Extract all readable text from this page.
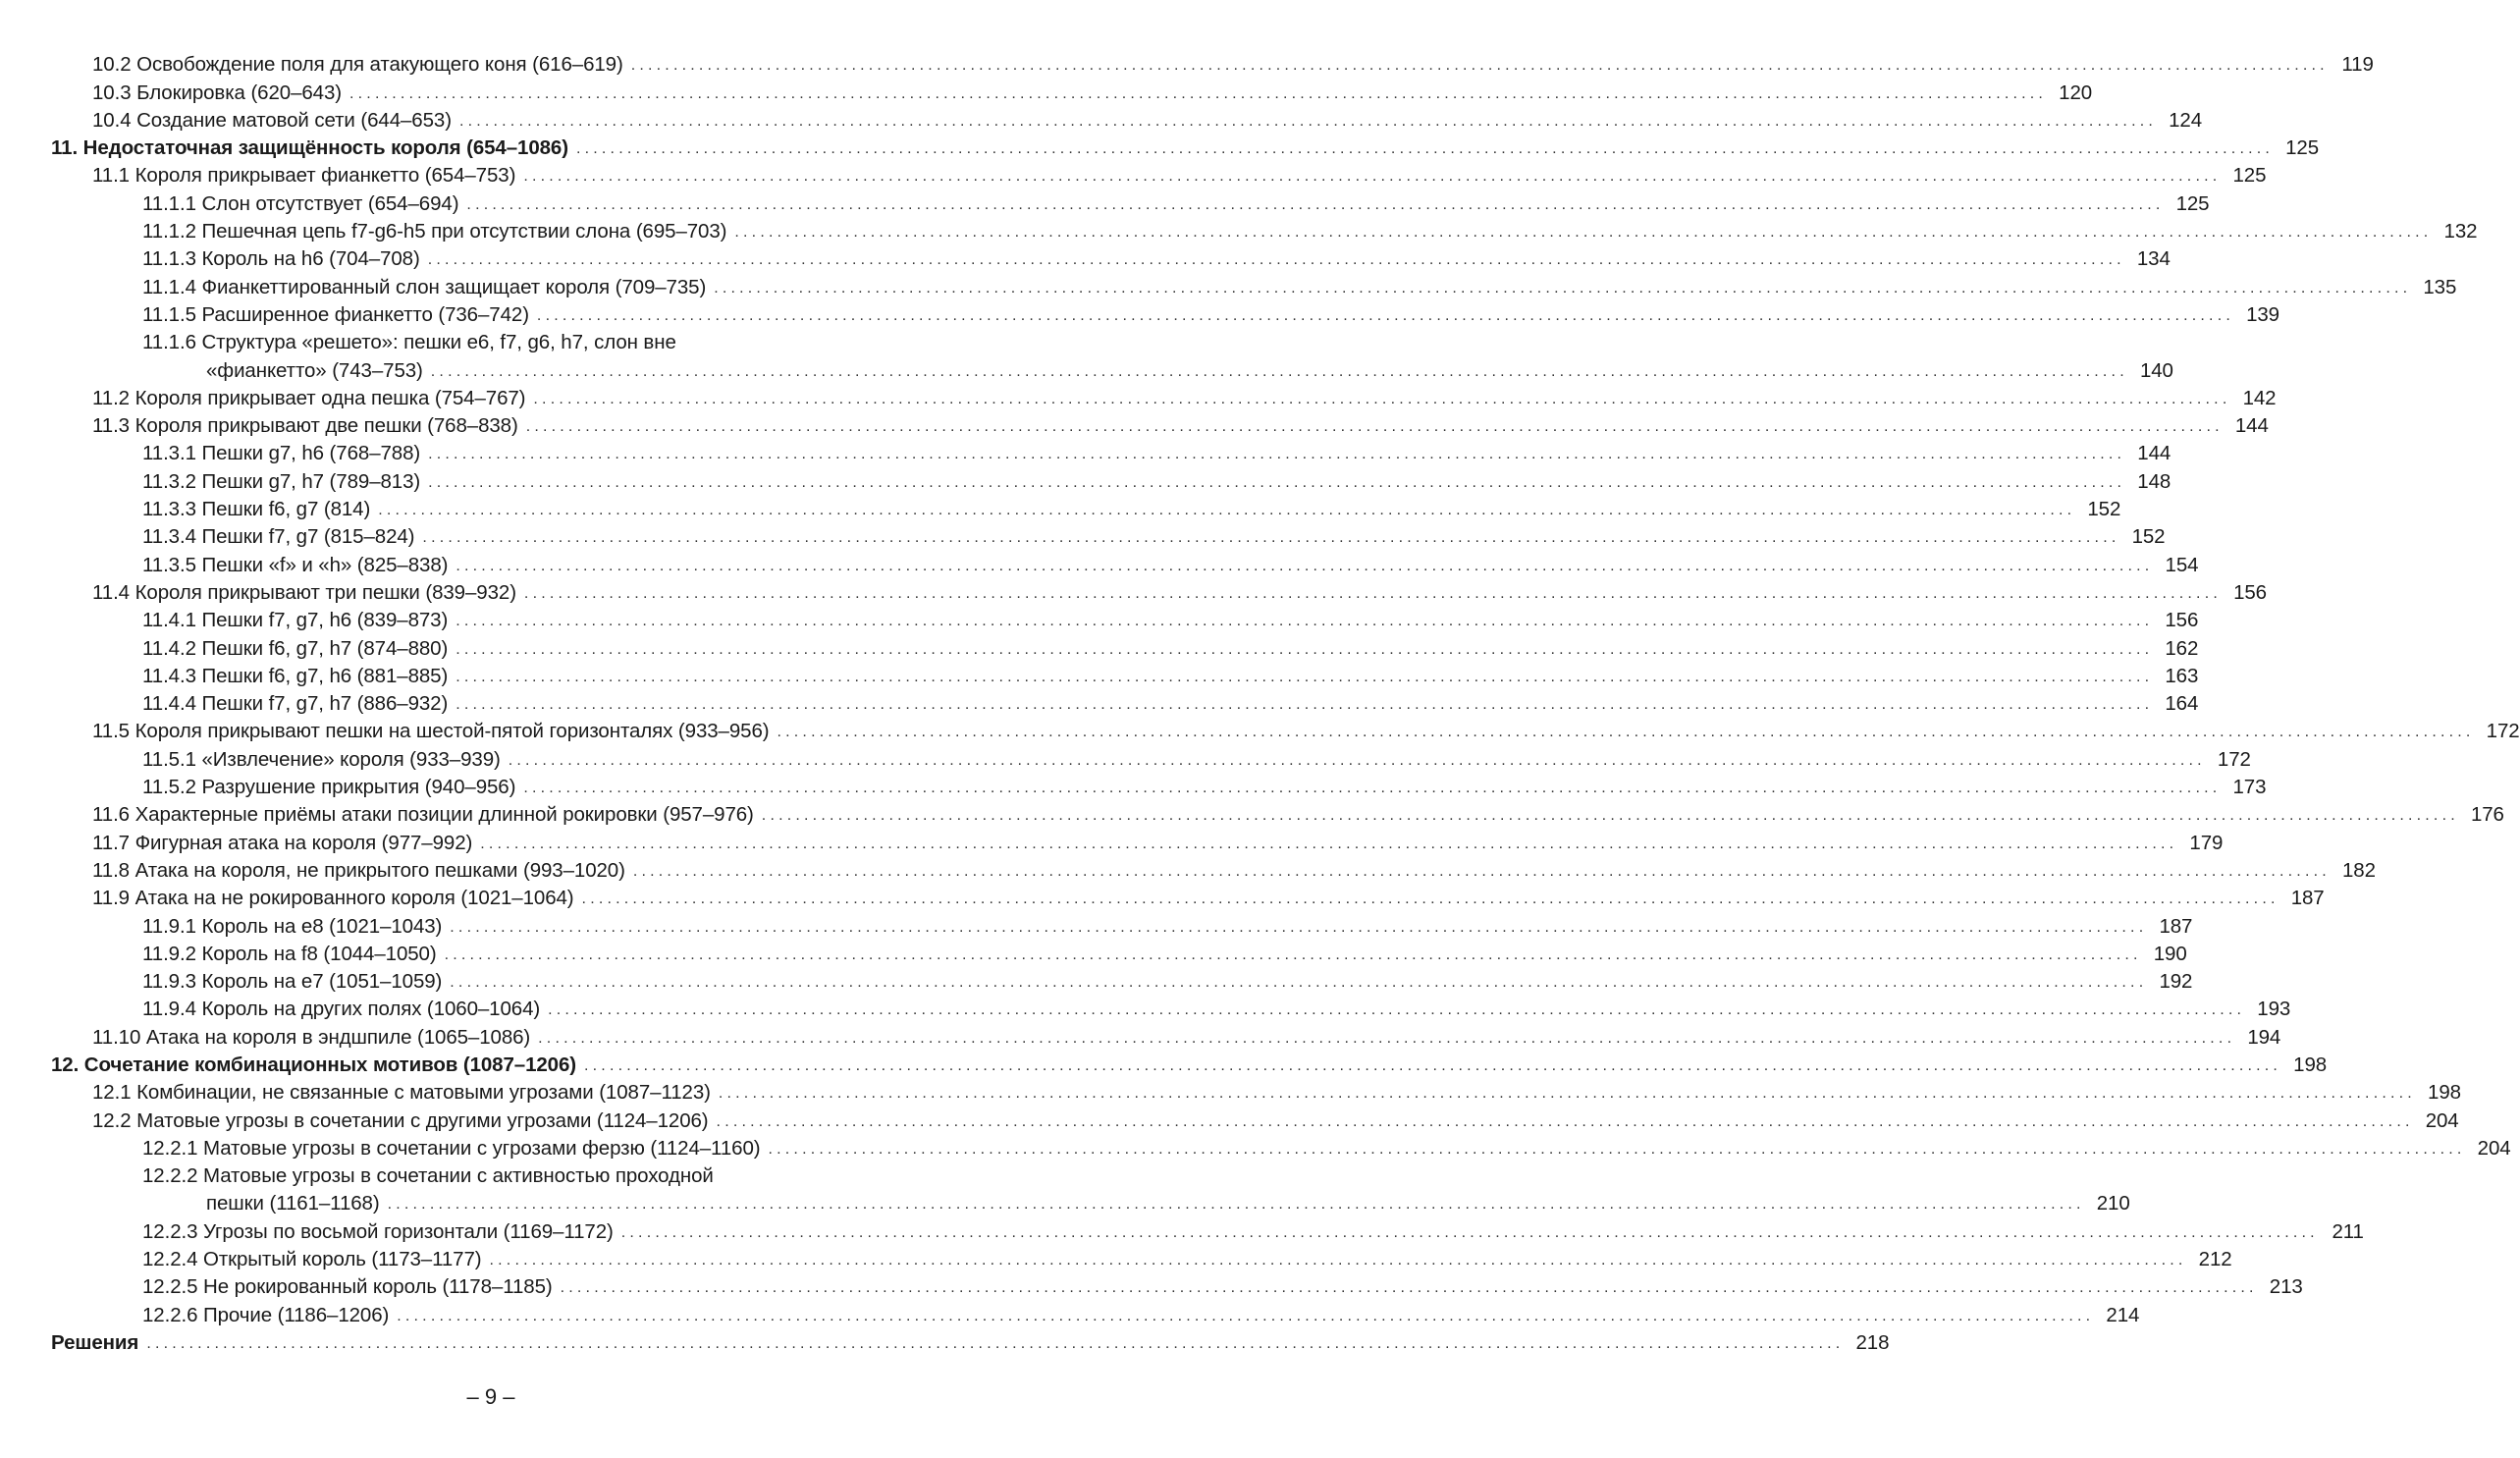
10.2 Освобождение поля для атакующего коня (616–619) ........................................................................................................................................................................................................ 119
10.3 Блокировка (620–643) ........................................................................................................................................................................................................ 120
10.4 Создание матовой сети (644–653) ........................................................................................................................................................................................................ 124
11. Недостаточная защищённость короля (654–1086) ........................................................................................................................................................................................................ 125
11.1 Короля прикрывает фианкетто (654–753) ........................................................................................................................................................................................................ 125
11.1.1 Слон отсутствует (654–694) ........................................................................................................................................................................................................ 125
11.1.2 Пешечная цепь f7-g6-h5 при отсутствии слона (695–703) ........................................................................................................................................................................................................ 132
11.1.3 Король на h6 (704–708) ........................................................................................................................................................................................................ 134
11.1.4 Фианкеттированный слон защищает короля (709–735) ........................................................................................................................................................................................................ 135
11.1.5 Расширенное фианкетто (736–742) ........................................................................................................................................................................................................ 139
11.1.6 Структура «решето»: пешки e6, f7, g6, h7, слон вне
«фианкетто» (743–753) ........................................................................................................................................................................................................ 140
11.2 Короля прикрывает одна пешка (754–767) ........................................................................................................................................................................................................ 142
11.3 Короля прикрывают две пешки (768–838) ........................................................................................................................................................................................................ 144
11.3.1 Пешки g7, h6 (768–788) ........................................................................................................................................................................................................ 144
11.3.2 Пешки g7, h7 (789–813) ........................................................................................................................................................................................................ 148
11.3.3 Пешки f6, g7 (814) ........................................................................................................................................................................................................ 152
11.3.4 Пешки f7, g7 (815–824) ........................................................................................................................................................................................................ 152
11.3.5 Пешки «f» и «h» (825–838) ........................................................................................................................................................................................................ 154
11.4 Короля прикрывают три пешки (839–932) ........................................................................................................................................................................................................ 156
11.4.1 Пешки f7, g7, h6 (839–873) ........................................................................................................................................................................................................ 156
11.4.2 Пешки f6, g7, h7 (874–880) ........................................................................................................................................................................................................ 162
11.4.3 Пешки f6, g7, h6 (881–885) ........................................................................................................................................................................................................ 163
11.4.4 Пешки f7, g7, h7 (886–932) ........................................................................................................................................................................................................ 164
11.5 Короля прикрывают пешки на шестой-пятой горизонталях (933–956) ........................................................................................................................................................................................................ 172
11.5.1 «Извлечение» короля (933–939) ........................................................................................................................................................................................................ 172
11.5.2 Разрушение прикрытия (940–956) ........................................................................................................................................................................................................ 173
11.6 Характерные приёмы атаки позиции длинной рокировки (957–976) ........................................................................................................................................................................................................ 176
11.7 Фигурная атака на короля (977–992) ........................................................................................................................................................................................................ 179
11.8 Атака на короля, не прикрытого пешками (993–1020) ........................................................................................................................................................................................................ 182
11.9 Атака на не рокированного короля (1021–1064) ........................................................................................................................................................................................................ 187
11.9.1 Король на e8 (1021–1043) ........................................................................................................................................................................................................ 187
11.9.2 Король на f8 (1044–1050) ........................................................................................................................................................................................................ 190
11.9.3 Король на e7 (1051–1059) ........................................................................................................................................................................................................ 192
11.9.4 Король на других полях (1060–1064) ........................................................................................................................................................................................................ 193
11.10 Атака на короля в эндшпиле (1065–1086) ........................................................................................................................................................................................................ 194
12. Сочетание комбинационных мотивов (1087–1206) ........................................................................................................................................................................................................ 198
12.1 Комбинации, не связанные с матовыми угрозами (1087–1123) ........................................................................................................................................................................................................ 198
12.2 Матовые угрозы в сочетании с другими угрозами (1124–1206) ........................................................................................................................................................................................................ 204
12.2.1 Матовые угрозы в сочетании с угрозами ферзю (1124–1160) ........................................................................................................................................................................................................ 204
12.2.2 Матовые угрозы в сочетании с активностью проходной
пешки (1161–1168) ........................................................................................................................................................................................................ 210
12.2.3 Угрозы по восьмой горизонтали (1169–1172) ........................................................................................................................................................................................................ 211
12.2.4 Открытый король (1173–1177) ........................................................................................................................................................................................................ 212
12.2.5 Не рокированный король (1178–1185) ........................................................................................................................................................................................................ 213
12.2.6 Прочие (1186–1206) ........................................................................................................................................................................................................ 214
Решения ........................................................................................................................................................................................................ 218
– 9 –
